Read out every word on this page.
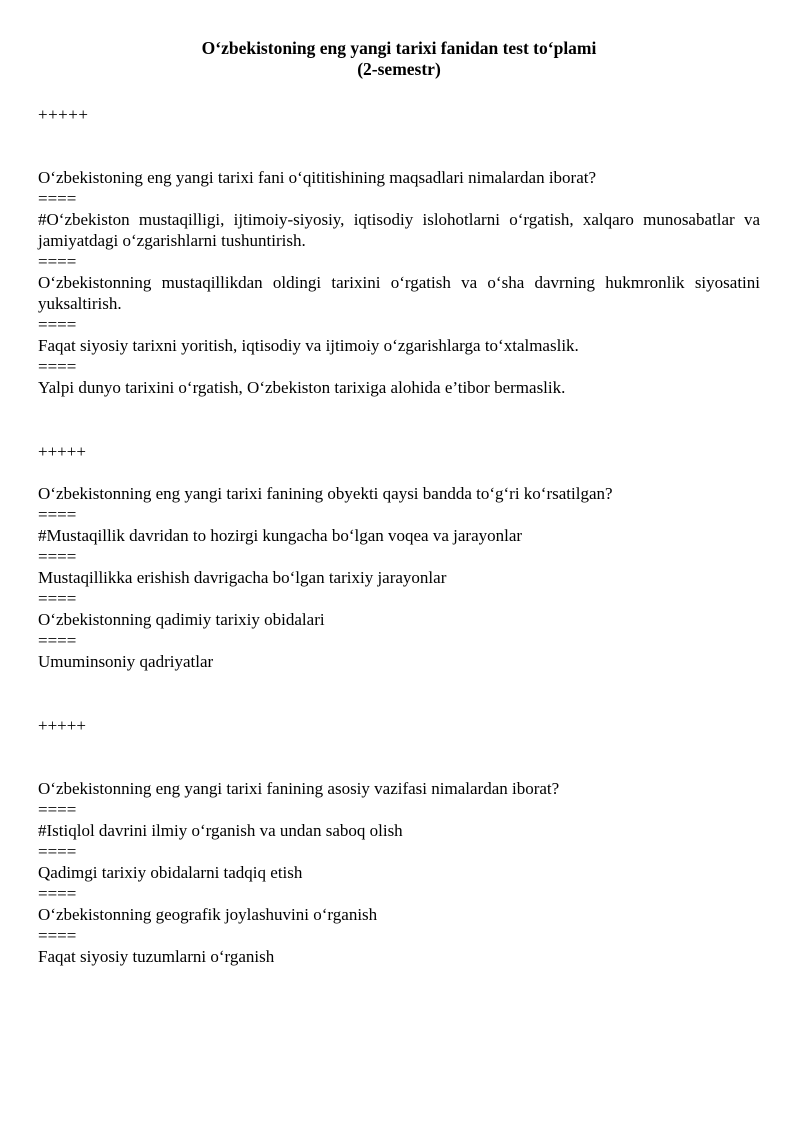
O‘zbekistoning eng yangi tarixi fanidan test to‘plami
(2-semestr)
+++++
O‘zbekistoning eng yangi tarixi fani o‘qititishining maqsadlari nimalardan iborat?
====
#O‘zbekiston mustaqilligi, ijtimoiy-siyosiy, iqtisodiy islohotlarni o‘rgatish, xalqaro munosabatlar va jamiyatdagi o‘zgarishlarni tushuntirish.
====
O‘zbekistonning mustaqillikdan oldingi tarixini o‘rgatish va o‘sha davrning hukmronlik siyosatini yuksaltirish.
====
Faqat siyosiy tarixni yoritish, iqtisodiy va ijtimoiy o‘zgarishlarga to‘xtalmaslik.
====
Yalpi dunyo tarixini o‘rgatish, O‘zbekiston tarixiga alohida e’tibor bermaslik.
+++++
O‘zbekistonning eng yangi tarixi fanining obyekti qaysi bandda to‘g‘ri ko‘rsatilgan?
====
#Mustaqillik davridan to hozirgi kungacha bo‘lgan voqea va jarayonlar
====
Mustaqillikka erishish davrigacha bo‘lgan tarixiy jarayonlar
====
O‘zbekistonning qadimiy tarixiy obidalari
====
Umuminsoniy qadriyatlar
+++++
O‘zbekistonning eng yangi tarixi fanining asosiy vazifasi nimalardan iborat?
====
#Istiqlol davrini ilmiy o‘rganish va undan saboq olish
====
Qadimgi tarixiy obidalarni tadqiq etish
====
O‘zbekistonning geografik joylashuvini o‘rganish
====
Faqat siyosiy tuzumlarni o‘rganish
